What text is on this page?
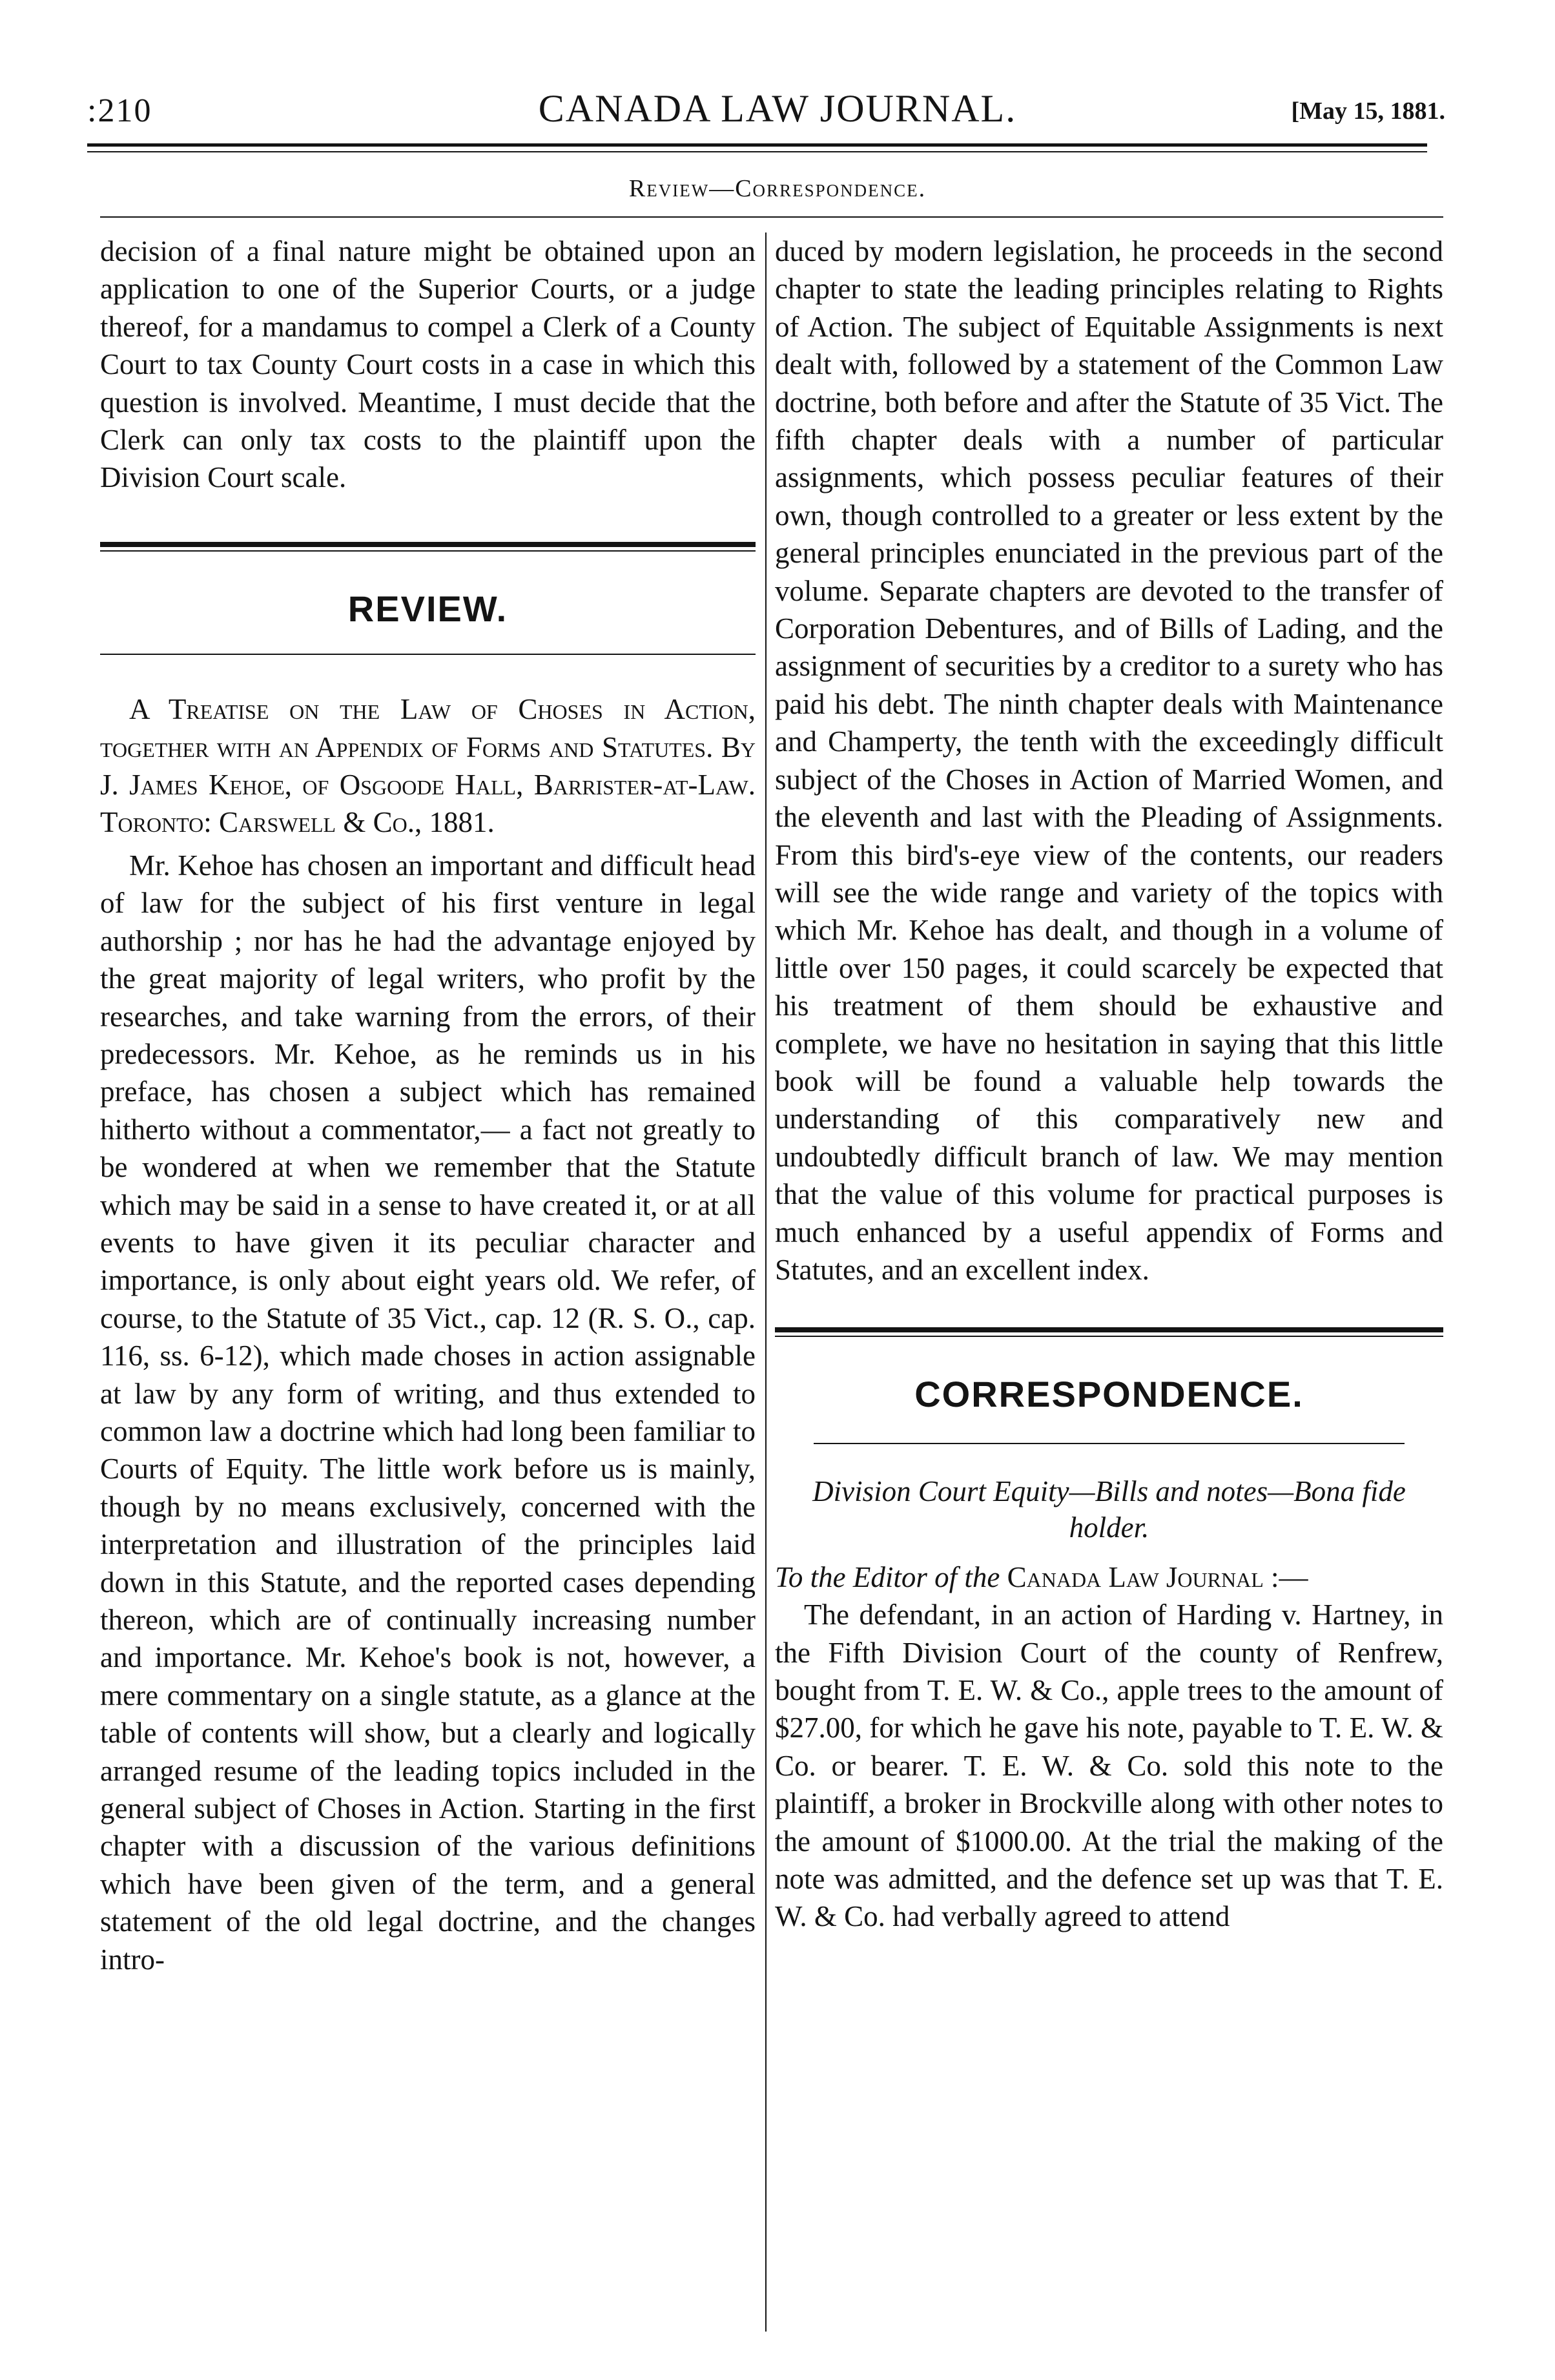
:210	CANADA LAW JOURNAL.	[May 15, 1881.
Review—Correspondence.

decision of a final nature might be obtained upon an application to one of the Superior Courts, or a judge thereof, for a mandamus to compel a Clerk of a County Court to tax County Court costs in a case in which this question is involved. Meantime, I must decide that the Clerk can only tax costs to the plaintiff upon the Division Court scale.

REVIEW.

A Treatise on the Law of Choses in Action, together with an Appendix of Forms and Statutes. By J. James Kehoe, of Osgoode Hall, Barrister-at-Law. Toronto: Carswell & Co., 1881.

Mr. Kehoe has chosen an important and difficult head of law for the subject of his first venture in legal authorship ; nor has he had the advantage enjoyed by the great majority of legal writers, who profit by the researches, and take warning from the errors, of their predecessors. Mr. Kehoe, as he reminds us in his preface, has chosen a subject which has remained hitherto without a commentator,— a fact not greatly to be wondered at when we remember that the Statute which may be said in a sense to have created it, or at all events to have given it its peculiar character and importance, is only about eight years old. We refer, of course, to the Statute of 35 Vict., cap. 12 (R. S. O., cap. 116, ss. 6-12), which made choses in action assignable at law by any form of writing, and thus extended to common law a doctrine which had long been familiar to Courts of Equity. The little work before us is mainly, though by no means exclusively, concerned with the interpretation and illustration of the principles laid down in this Statute, and the reported cases depending thereon, which are of continually increasing number and importance. Mr. Kehoe's book is not, however, a mere commentary on a single statute, as a glance at the table of contents will show, but a clearly and logically arranged resume of the leading topics included in the general subject of Choses in Action. Starting in the first chapter with a discussion of the various definitions which have been given of the term, and a general statement of the old legal doctrine, and the changes intro-

duced by modern legislation, he proceeds in the second chapter to state the leading principles relating to Rights of Action. The subject of Equitable Assignments is next dealt with, followed by a statement of the Common Law doctrine, both before and after the Statute of 35 Vict. The fifth chapter deals with a number of particular assignments, which possess peculiar features of their own, though controlled to a greater or less extent by the general principles enunciated in the previous part of the volume. Separate chapters are devoted to the transfer of Corporation Debentures, and of Bills of Lading, and the assignment of securities by a creditor to a surety who has paid his debt. The ninth chapter deals with Maintenance and Champerty, the tenth with the exceedingly difficult subject of the Choses in Action of Married Women, and the eleventh and last with the Pleading of Assignments. From this bird's-eye view of the contents, our readers will see the wide range and variety of the topics with which Mr. Kehoe has dealt, and though in a volume of little over 150 pages, it could scarcely be expected that his treatment of them should be exhaustive and complete, we have no hesitation in saying that this little book will be found a valuable help towards the understanding of this comparatively new and undoubtedly difficult branch of law. We may mention that the value of this volume for practical purposes is much enhanced by a useful appendix of Forms and Statutes, and an excellent index.

CORRESPONDENCE.

Division Court Equity—Bills and notes—Bona fide holder.

To the Editor of the Canada Law Journal :—

The defendant, in an action of Harding v. Hartney, in the Fifth Division Court of the county of Renfrew, bought from T. E. W. & Co., apple trees to the amount of $27.00, for which he gave his note, payable to T. E. W. & Co. or bearer. T. E. W. & Co. sold this note to the plaintiff, a broker in Brockville along with other notes to the amount of $1000.00. At the trial the making of the note was admitted, and the defence set up was that T. E. W. & Co. had verbally agreed to attend
